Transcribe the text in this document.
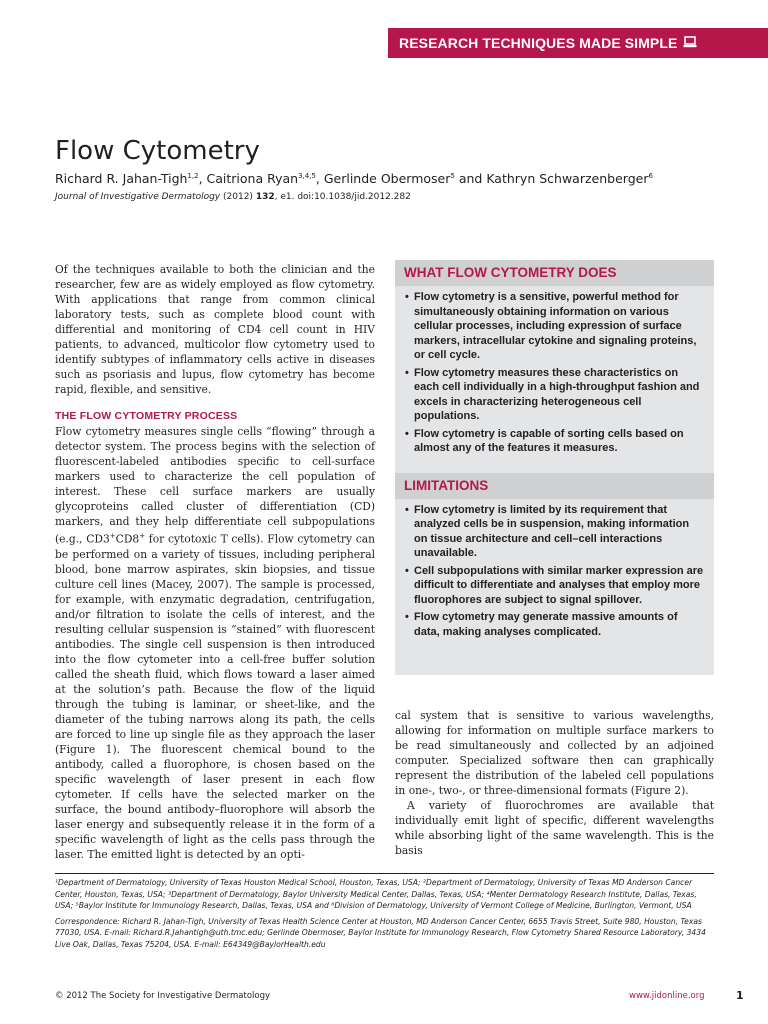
RESEARCH TECHNIQUES MADE SIMPLE
Flow Cytometry
Richard R. Jahan-Tigh$^{1,2}$, Caitriona Ryan$^{3,4,5}$, Gerlinde Obermoser$^5$ and Kathryn Schwarzenberger$^6$
Journal of Investigative Dermatology (2012) 132, e1. doi:10.1038/jid.2012.282

Of the techniques available to both the clinician and the researcher, few are as widely employed as flow cytometry. With applications that range from common clinical laboratory tests, such as complete blood count with differential and monitoring of CD4 cell count in HIV patients, to advanced, multicolor flow cytometry used to identify subtypes of inflammatory cells active in diseases such as psoriasis and lupus, flow cytometry has become rapid, flexible, and sensitive.

THE FLOW CYTOMETRY PROCESS

Flow cytometry measures single cells “flowing” through a detector system. The process begins with the selection of fluorescent-labeled antibodies specific to cell-surface markers used to characterize the cell population of interest. These cell surface markers are usually glycoproteins called cluster of differentiation (CD) markers, and they help differentiate cell subpopulations (e.g., CD3+CD8+ for cytotoxic T cells). Flow cytometry can be performed on a variety of tissues, including peripheral blood, bone marrow aspirates, skin biopsies, and tissue culture cell lines (Macey, 2007). The sample is processed, for example, with enzymatic degradation, centrifugation, and/or filtration to isolate the cells of interest, and the resulting cellular suspension is “stained” with fluorescent antibodies. The single cell suspension is then introduced into the flow cytometer into a cell-free buffer solution called the sheath fluid, which flows toward a laser aimed at the solution’s path. Because the flow of the liquid through the tubing is laminar, or sheet-like, and the diameter of the tubing narrows along its path, the cells are forced to line up single file as they approach the laser (Figure 1). The fluorescent chemical bound to the antibody, called a fluorophore, is chosen based on the specific wavelength of laser present in each flow cytometer. If cells have the selected marker on the surface, the bound antibody–fluorophore will absorb the laser energy and subsequently release it in the form of a specific wavelength of light as the cells pass through the laser. The emitted light is detected by an opti-

WHAT FLOW CYTOMETRY DOES
• Flow cytometry is a sensitive, powerful method for simultaneously obtaining information on various cellular processes, including expression of surface markers, intracellular cytokine and signaling proteins, or cell cycle.
• Flow cytometry measures these characteristics on each cell individually in a high-throughput fashion and excels in characterizing heterogeneous cell populations.
• Flow cytometry is capable of sorting cells based on almost any of the features it measures.
LIMITATIONS
• Flow cytometry is limited by its requirement that analyzed cells be in suspension, making information on tissue architecture and cell–cell interactions unavailable.
• Cell subpopulations with similar marker expression are difficult to differentiate and analyses that employ more fluorophores are subject to signal spillover.
• Flow cytometry may generate massive amounts of data, making analyses complicated.

cal system that is sensitive to various wavelengths, allowing for information on multiple surface markers to be read simultaneously and collected by an adjoined computer. Specialized software then can graphically represent the distribution of the labeled cell populations in one-, two-, or three-dimensional formats (Figure 2).

A variety of fluorochromes are available that individually emit light of specific, different wavelengths while absorbing light of the same wavelength. This is the basis

¹Department of Dermatology, University of Texas Houston Medical School, Houston, Texas, USA; ²Department of Dermatology, University of Texas MD Anderson Cancer Center, Houston, Texas, USA; ³Department of Dermatology, Baylor University Medical Center, Dallas, Texas, USA; ⁴Menter Dermatology Research Institute, Dallas, Texas, USA; ⁵Baylor Institute for Immunology Research, Dallas, Texas, USA and ⁶Division of Dermatology, University of Vermont College of Medicine, Burlington, Vermont, USA

Correspondence: Richard R. Jahan-Tigh, University of Texas Health Science Center at Houston, MD Anderson Cancer Center, 6655 Travis Street, Suite 980, Houston, Texas 77030, USA. E-mail: Richard.R.Jahantigh@uth.tmc.edu; Gerlinde Obermoser, Baylor Institute for Immunology Research, Flow Cytometry Shared Resource Laboratory, 3434 Live Oak, Dallas, Texas 75204, USA. E-mail: E64349@BaylorHealth.edu

© 2012 The Society for Investigative Dermatology	www.jidonline.org	1
